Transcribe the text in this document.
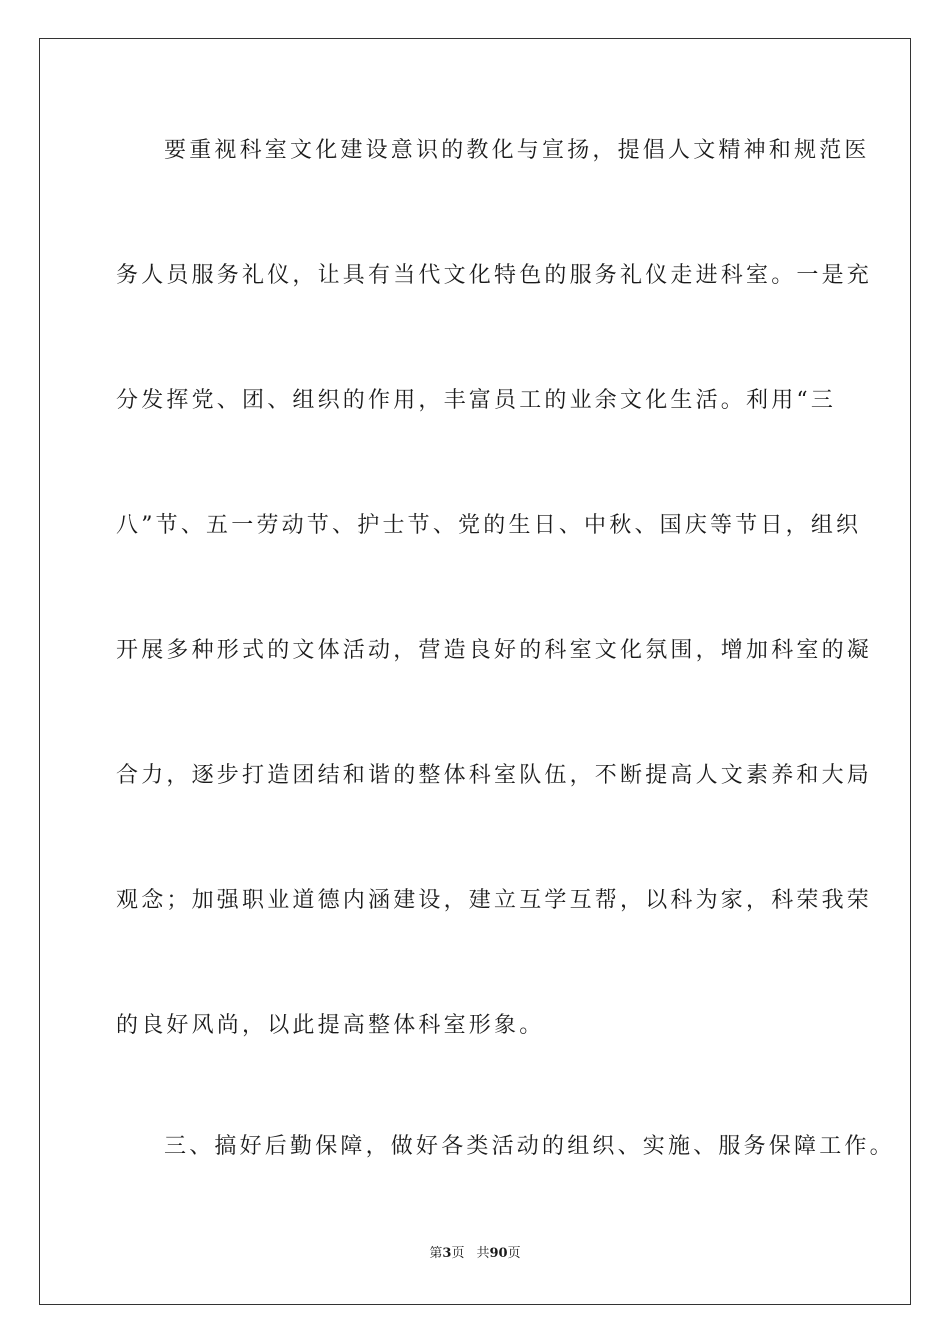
要重视科室文化建设意识的教化与宣扬，提倡人文精神和规范医
务人员服务礼仪，让具有当代文化特色的服务礼仪走进科室。一是充
分发挥党、团、组织的作用，丰富员工的业余文化生活。利用“三
八”节、五一劳动节、护士节、党的生日、中秋、国庆等节日，组织
开展多种形式的文体活动，营造良好的科室文化氛围，增加科室的凝
合力，逐步打造团结和谐的整体科室队伍，不断提高人文素养和大局
观念；加强职业道德内涵建设，建立互学互帮，以科为家，科荣我荣
的良好风尚，以此提高整体科室形象。
三、搞好后勤保障，做好各类活动的组织、实施、服务保障工作。
第3页 共90页
